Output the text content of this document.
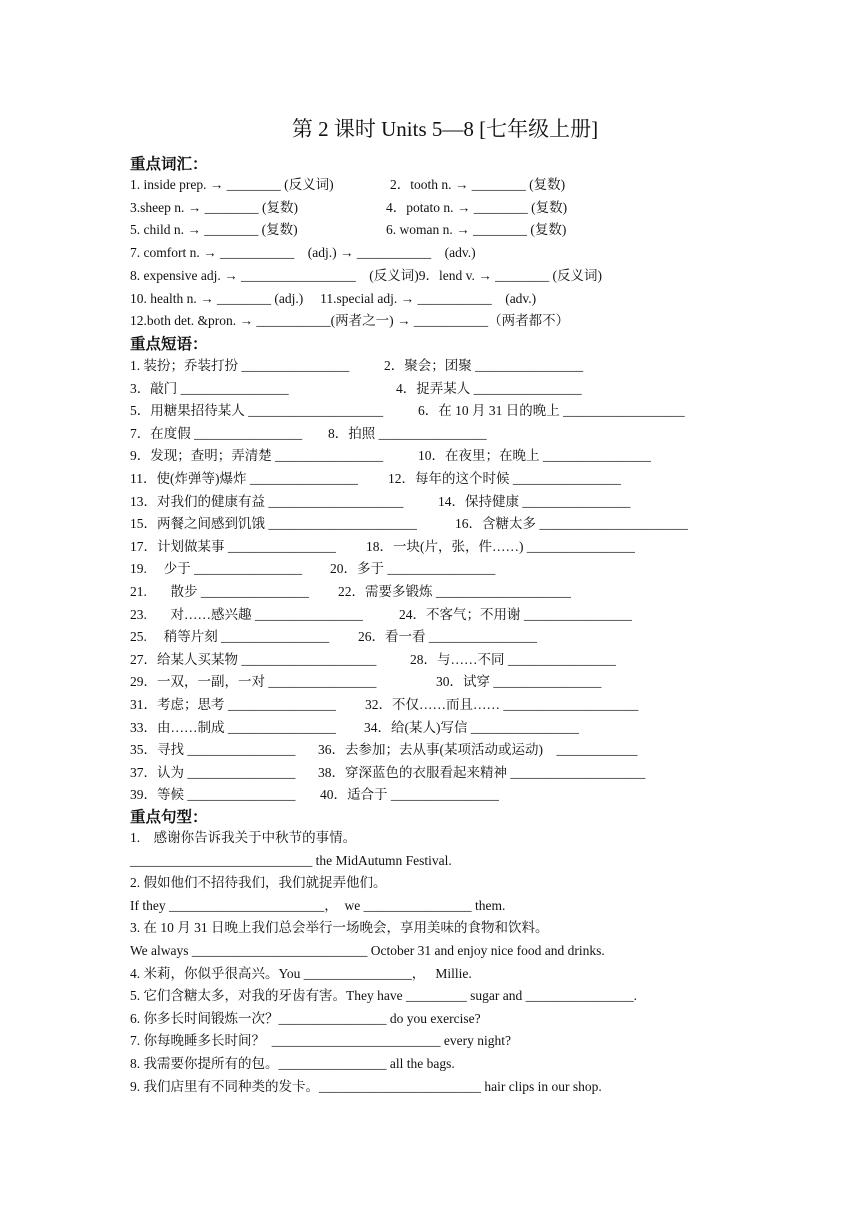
第 2 课时 Units 5—8 [七年级上册]
重点词汇：
1. inside prep. → ________ (反义词)	2．tooth n. → ________ (复数)
3.sheep n. → ________ (复数)	4．potato n. → ________ (复数)
5. child n. → ________ (复数)	6. woman n. → ________ (复数)
7. comfort n. → ___________    (adj.) → ___________    (adv.)
8. expensive adj. → _________________    (反义词)9．lend v. → ________ (反义词)
10. health n. → ________ (adj.)     11.special adj. → ___________    (adv.)
12.both det. &pron. → ___________(两者之一) → ___________（两者都不）
重点短语：
1. 装扮；乔装打扮 ________________	2．聚会；团聚 ________________
3．敲门 ________________	4．捉弄某人 ________________
5．用糖果招待某人 ____________________	6．在 10 月 31 日的晚上 __________________
7．在度假 ________________ 8．拍照 ________________
9．发现；查明；弄清楚 ________________	10．在夜里；在晚上 ________________
11．使(炸弹等)爆炸 ________________ 12．每年的这个时候 ________________
13．对我们的健康有益 ____________________	14．保持健康 ________________
15．两餐之间感到饥饿 ______________________	16．含糖太多 ______________________
17．计划做某事 ________________ 18．一块(片，张，件……) ________________
19.     少于 ________________ 20．多于 ________________
21.       散步 ________________ 22．需要多锻炼 ____________________
23.       对……感兴趣 ________________	24．不客气；不用谢 ________________
25.     稍等片刻 ________________ 26．看一看 ________________
27．给某人买某物 ____________________ 28．与……不同 ________________
29．一双，一副，一对 ________________	30．试穿 ________________
31．考虑；思考 ________________ 32．不仅……而且…… ____________________
33．由……制成 ________________ 34．给(某人)写信 ________________
35．寻找 ________________ 36．去参加；去从事(某项活动或运动)    ____________
37．认为 ________________ 38．穿深蓝色的衣服看起来精神 ____________________
39．等候 ________________ 40．适合于 ________________
重点句型：
1.    感谢你告诉我关于中秋节的事情。
___________________________ the MidAutumn Festival.
2. 假如他们不招待我们，我们就捉弄他们。
If they _______________________，  we ________________ them.
3. 在 10 月 31 日晚上我们总会举行一场晚会，享用美味的食物和饮料。
We always __________________________ October 31 and enjoy nice food and drinks.
4. 米莉，你似乎很高兴。You ________________，   Millie.
5. 它们含糖太多，对我的牙齿有害。They have _________ sugar and ________________.
6. 你多长时间锻炼一次？________________ do you exercise?
7. 你每晚睡多长时间？  _________________________ every night?
8. 我需要你提所有的包。________________ all the bags.
9. 我们店里有不同种类的发卡。________________________ hair clips in our shop.
